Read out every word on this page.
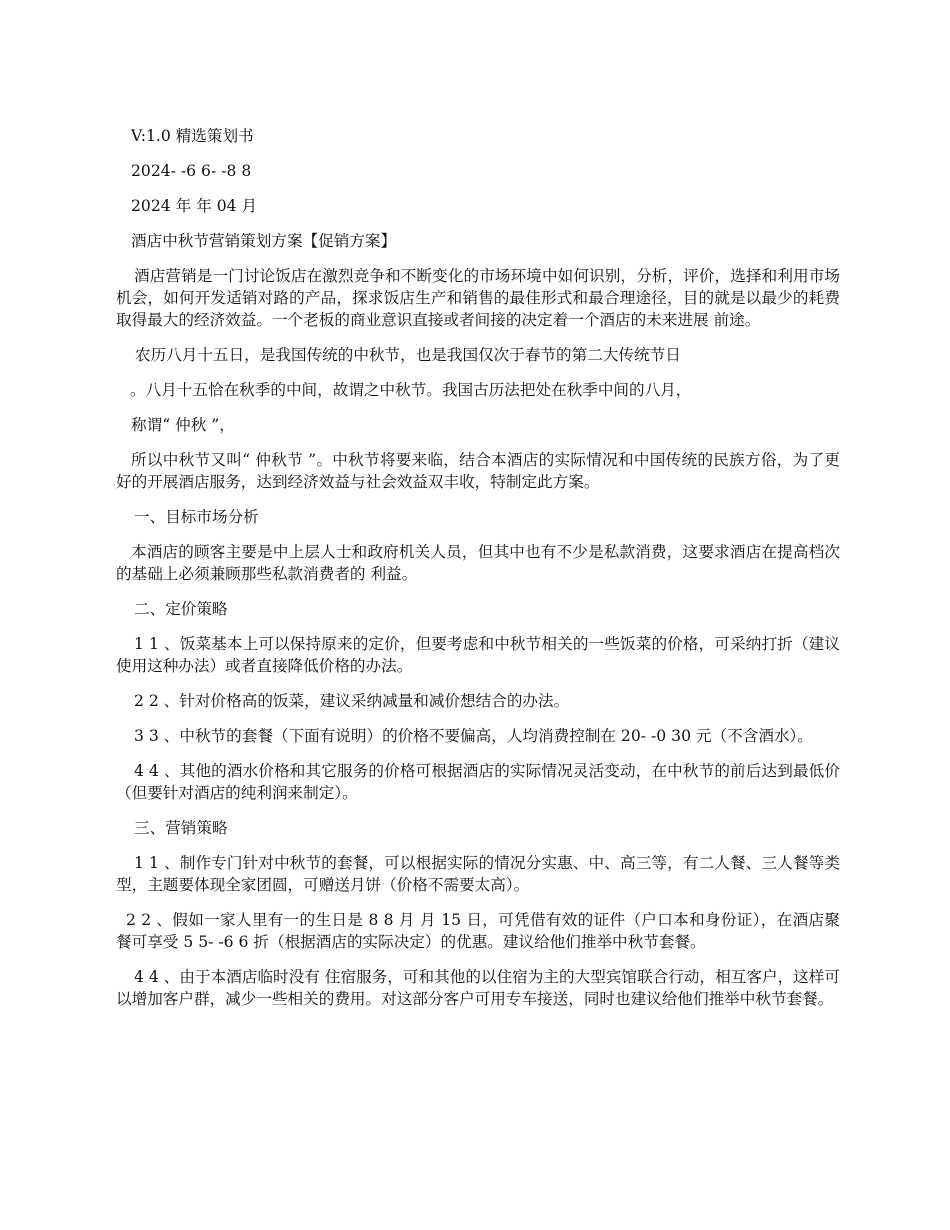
V:1.0 精选策划书
2024- -6 6- -8 8
2024 年 年 04 月
酒店中秋节营销策划方案【促销方案】
酒店营销是一门讨论饭店在激烈竞争和不断变化的市场环境中如何识别，分析，评价，选择和利用市场机会，如何开发适销对路的产品，探求饭店生产和销售的最佳形式和最合理途径，目的就是以最少的耗费取得最大的经济效益。一个老板的商业意识直接或者间接的决定着一个酒店的未来进展 前途。
农历八月十五日，是我国传统的中秋节，也是我国仅次于春节的第二大传统节日
。八月十五恰在秋季的中间，故谓之中秋节。我国古历法把处在秋季中间的八月，
称谓“ 仲秋 ”，
所以中秋节又叫“ 仲秋节 ”。中秋节将要来临，结合本酒店的实际情况和中国传统的民族方俗，为了更好的开展酒店服务，达到经济效益与社会效益双丰收，特制定此方案。
一、目标市场分析
本酒店的顾客主要是中上层人士和政府机关人员，但其中也有不少是私款消费，这要求酒店在提高档次的基础上必须兼顾那些私款消费者的 利益。
二、定价策略
1 1 、饭菜基本上可以保持原来的定价，但要考虑和中秋节相关的一些饭菜的价格，可采纳打折（建议使用这种办法）或者直接降低价格的办法。
2 2 、针对价格高的饭菜，建议采纳减量和减价想结合的办法。
3 3 、中秋节的套餐（下面有说明）的价格不要偏高，人均消费控制在 20- -0 30 元（不含酒水）。
4 4 、其他的酒水价格和其它服务的价格可根据酒店的实际情况灵活变动，在中秋节的前后达到最低价（但要针对酒店的纯利润来制定）。
三、营销策略
1 1 、制作专门针对中秋节的套餐，可以根据实际的情况分实惠、中、高三等，有二人餐、三人餐等类型，主题要体现全家团圆，可赠送月饼（价格不需要太高）。
2 2 、假如一家人里有一的生日是 8 8 月 月 15 日，可凭借有效的证件（户口本和身份证），在酒店聚餐可享受 5 5- -6 6 折（根据酒店的实际决定）的优惠。建议给他们推举中秋节套餐。
4 4 、由于本酒店临时没有 住宿服务，可和其他的以住宿为主的大型宾馆联合行动，相互客户，这样可以增加客户群，减少一些相关的费用。对这部分客户可用专车接送，同时也建议给他们推举中秋节套餐。
